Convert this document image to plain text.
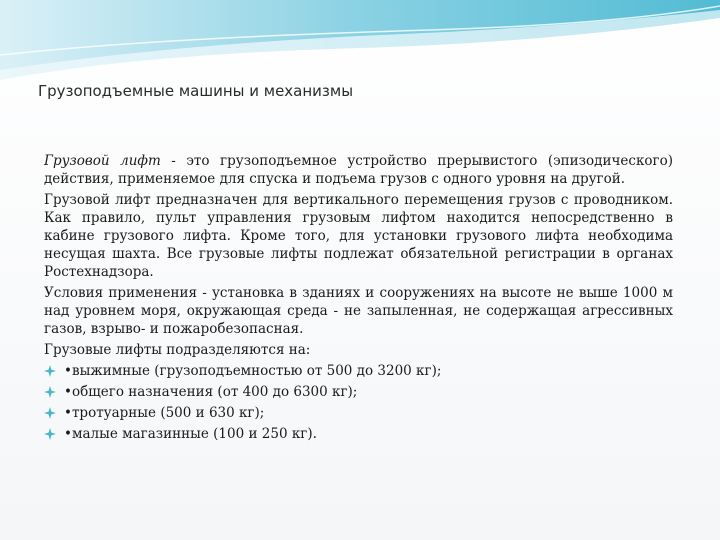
Грузоподъемные машины и механизмы

Грузовой лифт - это грузоподъемное устройство прерывистого (эпизодического) действия, применяемое для спуска и подъема грузов с одного уровня на другой.

Грузовой лифт предназначен для вертикального перемещения грузов с проводником. Как правило, пульт управления грузовым лифтом находится непосредственно в кабине грузового лифта. Кроме того, для установки грузового лифта необходима несущая шахта. Все грузовые лифты подлежат обязательной регистрации в органах Ростехнадзора.

Условия применения - установка в зданиях и сооружениях на высоте не выше 1000 м над уровнем моря, окружающая среда - не запыленная, не содержащая агрессивных газов, взрыво- и пожаробезопасная.

Грузовые лифты подразделяются на:

•выжимные (грузоподъемностью от 500 до 3200 кг);
•общего назначения (от 400 до 6300 кг);
•тротуарные (500 и 630 кг);
•малые магазинные (100 и 250 кг).
